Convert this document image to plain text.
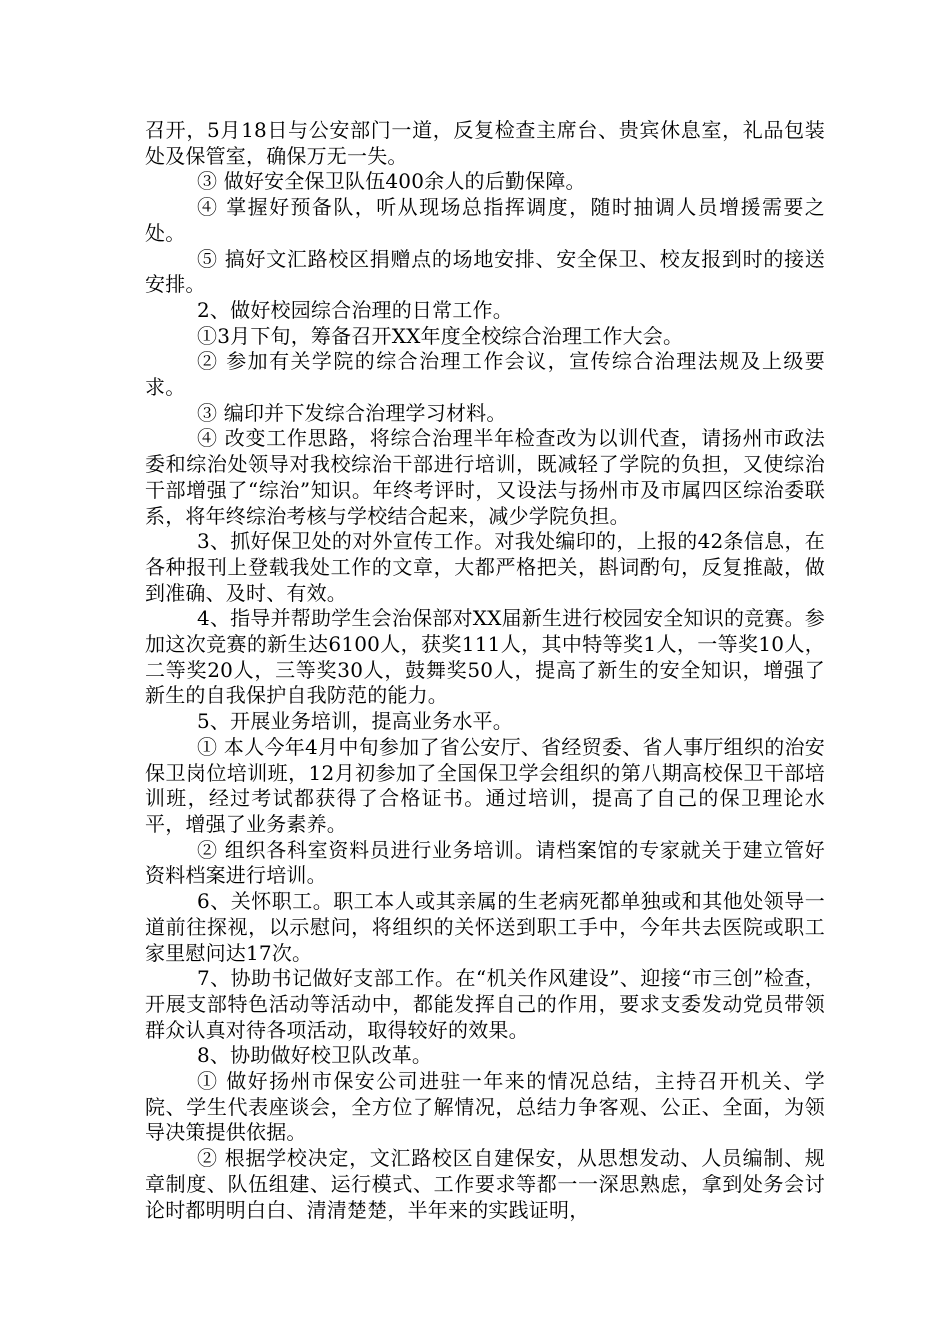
召开，5月18日与公安部门一道，反复检查主席台、贵宾休息室，礼品包装处及保管室，确保万无一失。

③ 做好安全保卫队伍400余人的后勤保障。

④ 掌握好预备队，听从现场总指挥调度，随时抽调人员增援需要之处。

⑤ 搞好文汇路校区捐赠点的场地安排、安全保卫、校友报到时的接送安排。

2、做好校园综合治理的日常工作。

①3月下旬，筹备召开XX年度全校综合治理工作大会。

② 参加有关学院的综合治理工作会议，宣传综合治理法规及上级要求。

③ 编印并下发综合治理学习材料。

④ 改变工作思路，将综合治理半年检查改为以训代查，请扬州市政法委和综治处领导对我校综治干部进行培训，既减轻了学院的负担，又使综治干部增强了“综治”知识。年终考评时，又设法与扬州市及市属四区综治委联系，将年终综治考核与学校结合起来，减少学院负担。

3、抓好保卫处的对外宣传工作。对我处编印的，上报的42条信息，在各种报刊上登载我处工作的文章，大都严格把关，斟词酌句，反复推敲，做到准确、及时、有效。

4、指导并帮助学生会治保部对XX届新生进行校园安全知识的竞赛。参加这次竞赛的新生达6100人，获奖111人，其中特等奖1人，一等奖10人，二等奖20人，三等奖30人，鼓舞奖50人，提高了新生的安全知识，增强了新生的自我保护自我防范的能力。

5、开展业务培训，提高业务水平。

① 本人今年4月中旬参加了省公安厅、省经贸委、省人事厅组织的治安保卫岗位培训班，12月初参加了全国保卫学会组织的第八期高校保卫干部培训班，经过考试都获得了合格证书。通过培训，提高了自己的保卫理论水平，增强了业务素养。

② 组织各科室资料员进行业务培训。请档案馆的专家就关于建立管好资料档案进行培训。

6、关怀职工。职工本人或其亲属的生老病死都单独或和其他处领导一道前往探视，以示慰问，将组织的关怀送到职工手中，今年共去医院或职工家里慰问达17次。

7、协助书记做好支部工作。在“机关作风建设”、迎接“市三创”检查，开展支部特色活动等活动中，都能发挥自己的作用，要求支委发动党员带领群众认真对待各项活动，取得较好的效果。

8、协助做好校卫队改革。

① 做好扬州市保安公司进驻一年来的情况总结，主持召开机关、学院、学生代表座谈会，全方位了解情况，总结力争客观、公正、全面，为领导决策提供依据。

② 根据学校决定，文汇路校区自建保安，从思想发动、人员编制、规章制度、队伍组建、运行模式、工作要求等都一一深思熟虑，拿到处务会讨论时都明明白白、清清楚楚，半年来的实践证明，
